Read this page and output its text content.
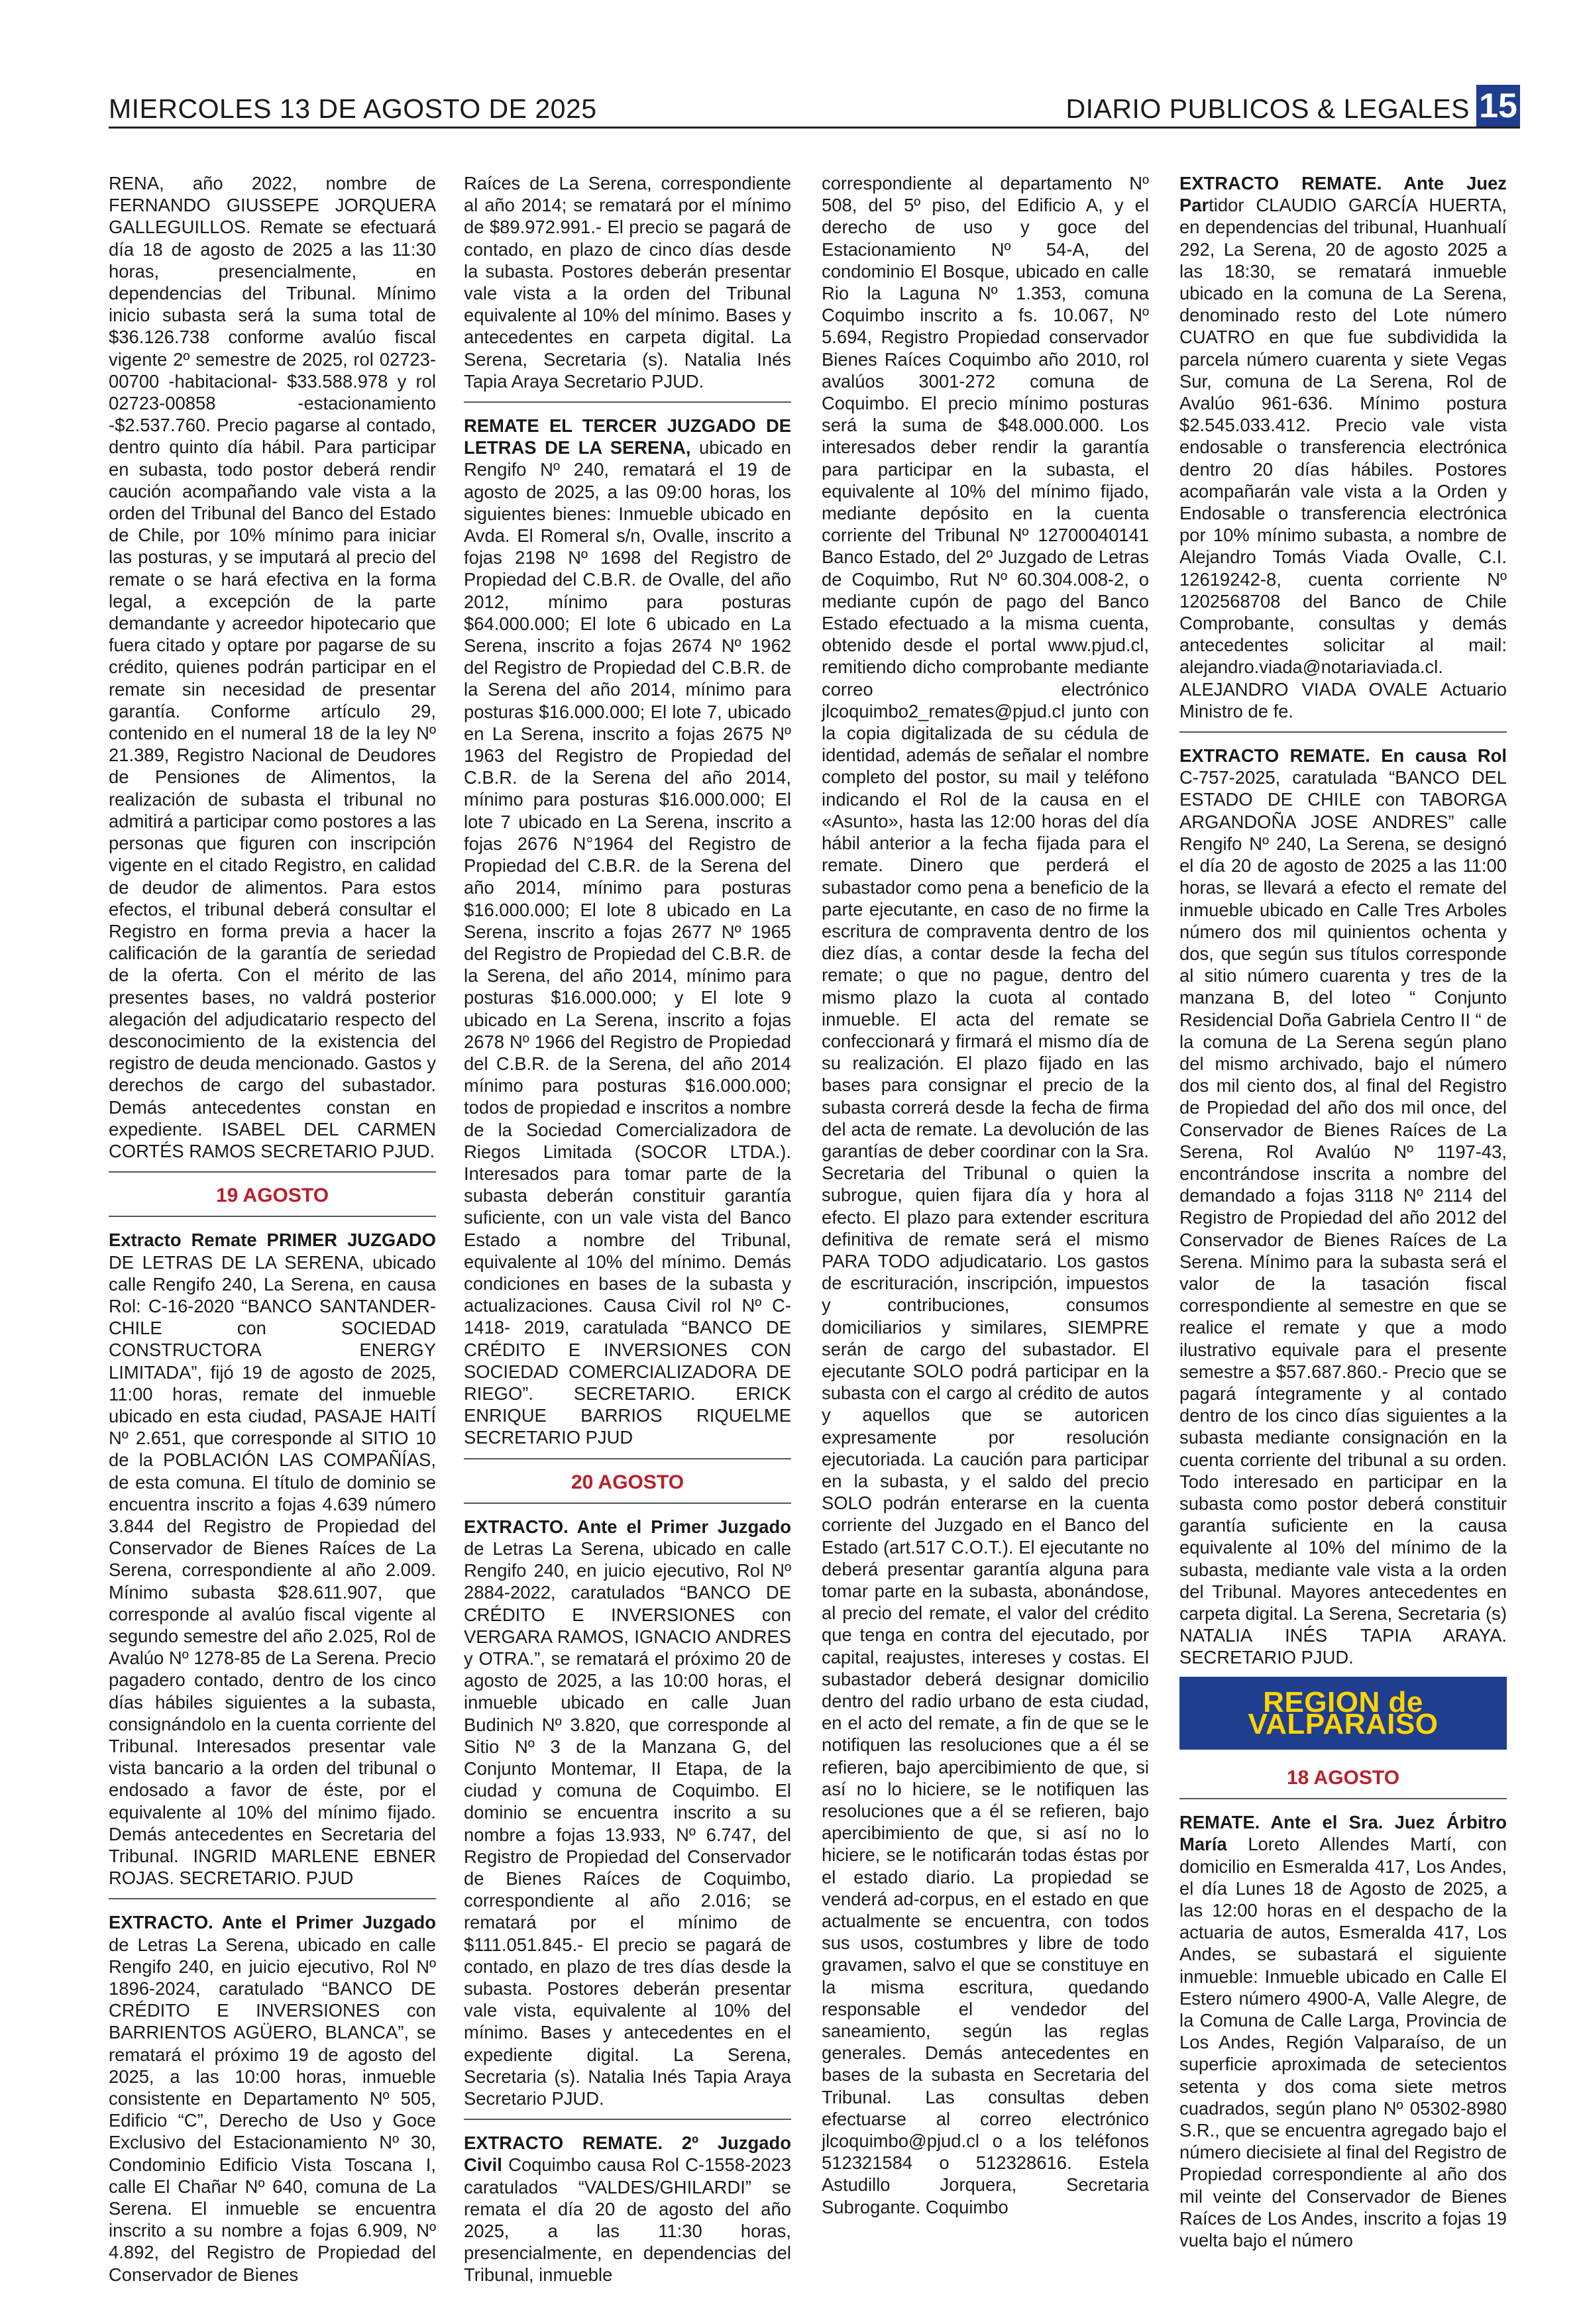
MIERCOLES 13 DE AGOSTO DE 2025	DIARIO PUBLICOS & LEGALES 15

RENA, año 2022, nombre de FERNANDO GIUSSEPE JORQUERA GALLEGUILLOS. Remate se efectuará día 18 de agosto de 2025 a las 11:30 horas, presencialmente, en dependencias del Tribunal. Mínimo inicio subasta será la suma total de $36.126.738 conforme avalúo fiscal vigente 2º semestre de 2025, rol 02723-00700 -habitacional- $33.588.978 y rol 02723-00858 -estacionamiento -$2.537.760. Precio pagarse al contado, dentro quinto día hábil. Para participar en subasta, todo postor deberá rendir caución acompañando vale vista a la orden del Tribunal del Banco del Estado de Chile, por 10% mínimo para iniciar las posturas, y se imputará al precio del remate o se hará efectiva en la forma legal, a excepción de la parte demandante y acreedor hipotecario que fuera citado y optare por pagarse de su crédito, quienes podrán participar en el remate sin necesidad de presentar garantía. Conforme artículo 29, contenido en el numeral 18 de la ley Nº 21.389, Registro Nacional de Deudores de Pensiones de Alimentos, la realización de subasta el tribunal no admitirá a participar como postores a las personas que figuren con inscripción vigente en el citado Registro, en calidad de deudor de alimentos. Para estos efectos, el tribunal deberá consultar el Registro en forma previa a hacer la calificación de la garantía de seriedad de la oferta. Con el mérito de las presentes bases, no valdrá posterior alegación del adjudicatario respecto del desconocimiento de la existencia del registro de deuda mencionado. Gastos y derechos de cargo del subastador. Demás antecedentes constan en expediente. ISABEL DEL CARMEN CORTÉS RAMOS SECRETARIO PJUD.

19 AGOSTO

Extracto Remate PRIMER JUZGADO DE LETRAS DE LA SERENA, ubicado calle Rengifo 240, La Serena, en causa Rol: C-16-2020 “BANCO SANTANDER-CHILE con SOCIEDAD CONSTRUCTORA ENERGY LIMITADA”, fijó 19 de agosto de 2025, 11:00 horas, remate del inmueble ubicado en esta ciudad, PASAJE HAITÍ Nº 2.651, que corresponde al SITIO 10 de la POBLACIÓN LAS COMPAÑÍAS, de esta comuna. El título de dominio se encuentra inscrito a fojas 4.639 número 3.844 del Registro de Propiedad del Conservador de Bienes Raíces de La Serena, correspondiente al año 2.009. Mínimo subasta $28.611.907, que corresponde al avalúo fiscal vigente al segundo semestre del año 2.025, Rol de Avalúo Nº 1278-85 de La Serena. Precio pagadero contado, dentro de los cinco días hábiles siguientes a la subasta, consignándolo en la cuenta corriente del Tribunal. Interesados presentar vale vista bancario a la orden del tribunal o endosado a favor de éste, por el equivalente al 10% del mínimo fijado. Demás antecedentes en Secretaria del Tribunal. INGRID MARLENE EBNER ROJAS. SECRETARIO. PJUD

EXTRACTO. Ante el Primer Juzgado de Letras La Serena, ubicado en calle Rengifo 240, en juicio ejecutivo, Rol Nº 1896-2024, caratulado “BANCO DE CRÉDITO E INVERSIONES con BARRIENTOS AGÜERO, BLANCA”, se rematará el próximo 19 de agosto del 2025, a las 10:00 horas, inmueble consistente en Departamento Nº 505, Edificio “C”, Derecho de Uso y Goce Exclusivo del Estacionamiento Nº 30, Condominio Edificio Vista Toscana I, calle El Chañar Nº 640, comuna de La Serena. El inmueble se encuentra inscrito a su nombre a fojas 6.909, Nº 4.892, del Registro de Propiedad del Conservador de Bienes

Raíces de La Serena, correspondiente al año 2014; se rematará por el mínimo de $89.972.991.- El precio se pagará de contado, en plazo de cinco días desde la subasta. Postores deberán presentar vale vista a la orden del Tribunal equivalente al 10% del mínimo. Bases y antecedentes en carpeta digital. La Serena, Secretaria (s). Natalia Inés Tapia Araya Secretario PJUD.

REMATE EL TERCER JUZGADO DE LETRAS DE LA SERENA, ubicado en Rengifo Nº 240, rematará el 19 de agosto de 2025, a las 09:00 horas, los siguientes bienes: Inmueble ubicado en Avda. El Romeral s/n, Ovalle, inscrito a fojas 2198 Nº 1698 del Registro de Propiedad del C.B.R. de Ovalle, del año 2012, mínimo para posturas $64.000.000; El lote 6 ubicado en La Serena, inscrito a fojas 2674 Nº 1962 del Registro de Propiedad del C.B.R. de la Serena del año 2014, mínimo para posturas $16.000.000; El lote 7, ubicado en La Serena, inscrito a fojas 2675 Nº 1963 del Registro de Propiedad del C.B.R. de la Serena del año 2014, mínimo para posturas $16.000.000; El lote 7 ubicado en La Serena, inscrito a fojas 2676 N°1964 del Registro de Propiedad del C.B.R. de la Serena del año 2014, mínimo para posturas $16.000.000; El lote 8 ubicado en La Serena, inscrito a fojas 2677 Nº 1965 del Registro de Propiedad del C.B.R. de la Serena, del año 2014, mínimo para posturas $16.000.000; y El lote 9 ubicado en La Serena, inscrito a fojas 2678 Nº 1966 del Registro de Propiedad del C.B.R. de la Serena, del año 2014 mínimo para posturas $16.000.000; todos de propiedad e inscritos a nombre de la Sociedad Comercializadora de Riegos Limitada (SOCOR LTDA.). Interesados para tomar parte de la subasta deberán constituir garantía suficiente, con un vale vista del Banco Estado a nombre del Tribunal, equivalente al 10% del mínimo. Demás condiciones en bases de la subasta y actualizaciones. Causa Civil rol Nº C-1418- 2019, caratulada “BANCO DE CRÉDITO E INVERSIONES CON SOCIEDAD COMERCIALIZADORA DE RIEGO”. SECRETARIO. ERICK ENRIQUE BARRIOS RIQUELME SECRETARIO PJUD

20 AGOSTO

EXTRACTO. Ante el Primer Juzgado de Letras La Serena, ubicado en calle Rengifo 240, en juicio ejecutivo, Rol Nº 2884-2022, caratulados “BANCO DE CRÉDITO E INVERSIONES con VERGARA RAMOS, IGNACIO ANDRES y OTRA.”, se rematará el próximo 20 de agosto de 2025, a las 10:00 horas, el inmueble ubicado en calle Juan Budinich Nº 3.820, que corresponde al Sitio Nº 3 de la Manzana G, del Conjunto Montemar, II Etapa, de la ciudad y comuna de Coquimbo. El dominio se encuentra inscrito a su nombre a fojas 13.933, Nº 6.747, del Registro de Propiedad del Conservador de Bienes Raíces de Coquimbo, correspondiente al año 2.016; se rematará por el mínimo de $111.051.845.- El precio se pagará de contado, en plazo de tres días desde la subasta. Postores deberán presentar vale vista, equivalente al 10% del mínimo. Bases y antecedentes en el expediente digital. La Serena, Secretaria (s). Natalia Inés Tapia Araya Secretario PJUD.

EXTRACTO REMATE. 2º Juzgado Civil Coquimbo causa Rol C-1558-2023 caratulados “VALDES/GHILARDI” se remata el día 20 de agosto del año 2025, a las 11:30 horas, presencialmente, en dependencias del Tribunal, inmueble

correspondiente al departamento Nº 508, del 5º piso, del Edificio A, y el derecho de uso y goce del Estacionamiento Nº 54-A, del condominio El Bosque, ubicado en calle Rio la Laguna Nº 1.353, comuna Coquimbo inscrito a fs. 10.067, Nº 5.694, Registro Propiedad conservador Bienes Raíces Coquimbo año 2010, rol avalúos 3001-272 comuna de Coquimbo. El precio mínimo posturas será la suma de $48.000.000. Los interesados deber rendir la garantía para participar en la subasta, el equivalente al 10% del mínimo fijado, mediante depósito en la cuenta corriente del Tribunal Nº 12700040141 Banco Estado, del 2º Juzgado de Letras de Coquimbo, Rut Nº 60.304.008-2, o mediante cupón de pago del Banco Estado efectuado a la misma cuenta, obtenido desde el portal www.pjud.cl, remitiendo dicho comprobante mediante correo electrónico jlcoquimbo2_remates@pjud.cl junto con la copia digitalizada de su cédula de identidad, además de señalar el nombre completo del postor, su mail y teléfono indicando el Rol de la causa en el «Asunto», hasta las 12:00 horas del día hábil anterior a la fecha fijada para el remate. Dinero que perderá el subastador como pena a beneficio de la parte ejecutante, en caso de no firme la escritura de compraventa dentro de los diez días, a contar desde la fecha del remate; o que no pague, dentro del mismo plazo la cuota al contado inmueble. El acta del remate se confeccionará y firmará el mismo día de su realización. El plazo fijado en las bases para consignar el precio de la subasta correrá desde la fecha de firma del acta de remate. La devolución de las garantías de deber coordinar con la Sra. Secretaria del Tribunal o quien la subrogue, quien fijara día y hora al efecto. El plazo para extender escritura definitiva de remate será el mismo PARA TODO adjudicatario. Los gastos de escrituración, inscripción, impuestos y contribuciones, consumos domiciliarios y similares, SIEMPRE serán de cargo del subastador. El ejecutante SOLO podrá participar en la subasta con el cargo al crédito de autos y aquellos que se autoricen expresamente por resolución ejecutoriada. La caución para participar en la subasta, y el saldo del precio SOLO podrán enterarse en la cuenta corriente del Juzgado en el Banco del Estado (art.517 C.O.T.). El ejecutante no deberá presentar garantía alguna para tomar parte en la subasta, abonándose, al precio del remate, el valor del crédito que tenga en contra del ejecutado, por capital, reajustes, intereses y costas. El subastador deberá designar domicilio dentro del radio urbano de esta ciudad, en el acto del remate, a fin de que se le notifiquen las resoluciones que a él se refieren, bajo apercibimiento de que, si así no lo hiciere, se le notifiquen las resoluciones que a él se refieren, bajo apercibimiento de que, si así no lo hiciere, se le notificarán todas éstas por el estado diario. La propiedad se venderá ad-corpus, en el estado en que actualmente se encuentra, con todos sus usos, costumbres y libre de todo gravamen, salvo el que se constituye en la misma escritura, quedando responsable el vendedor del saneamiento, según las reglas generales. Demás antecedentes en bases de la subasta en Secretaria del Tribunal. Las consultas deben efectuarse al correo electrónico jlcoquimbo@pjud.cl o a los teléfonos 512321584 o 512328616. Estela Astudillo Jorquera, Secretaria Subrogante. Coquimbo

EXTRACTO REMATE. Ante Juez Partidor CLAUDIO GARCÍA HUERTA, en dependencias del tribunal, Huanhualí 292, La Serena, 20 de agosto 2025 a las 18:30, se rematará inmueble ubicado en la comuna de La Serena, denominado resto del Lote número CUATRO en que fue subdividida la parcela número cuarenta y siete Vegas Sur, comuna de La Serena, Rol de Avalúo 961-636. Mínimo postura $2.545.033.412. Precio vale vista endosable o transferencia electrónica dentro 20 días hábiles. Postores acompañarán vale vista a la Orden y Endosable o transferencia electrónica por 10% mínimo subasta, a nombre de Alejandro Tomás Viada Ovalle, C.I. 12619242-8, cuenta corriente Nº 1202568708 del Banco de Chile Comprobante, consultas y demás antecedentes solicitar al mail: alejandro.viada@notariaviada.cl. ALEJANDRO VIADA OVALE Actuario Ministro de fe.

EXTRACTO REMATE. En causa Rol C-757-2025, caratulada “BANCO DEL ESTADO DE CHILE con TABORGA ARGANDOÑA JOSE ANDRES” calle Rengifo Nº 240, La Serena, se designó el día 20 de agosto de 2025 a las 11:00 horas, se llevará a efecto el remate del inmueble ubicado en Calle Tres Arboles número dos mil quinientos ochenta y dos, que según sus títulos corresponde al sitio número cuarenta y tres de la manzana B, del loteo “ Conjunto Residencial Doña Gabriela Centro II “ de la comuna de La Serena según plano del mismo archivado, bajo el número dos mil ciento dos, al final del Registro de Propiedad del año dos mil once, del Conservador de Bienes Raíces de La Serena, Rol Avalúo Nº 1197-43, encontrándose inscrita a nombre del demandado a fojas 3118 Nº 2114 del Registro de Propiedad del año 2012 del Conservador de Bienes Raíces de La Serena. Mínimo para la subasta será el valor de la tasación fiscal correspondiente al semestre en que se realice el remate y que a modo ilustrativo equivale para el presente semestre a $57.687.860.- Precio que se pagará íntegramente y al contado dentro de los cinco días siguientes a la subasta mediante consignación en la cuenta corriente del tribunal a su orden. Todo interesado en participar en la subasta como postor deberá constituir garantía suficiente en la causa equivalente al 10% del mínimo de la subasta, mediante vale vista a la orden del Tribunal. Mayores antecedentes en carpeta digital. La Serena, Secretaria (s) NATALIA INÉS TAPIA ARAYA. SECRETARIO PJUD.

REGION de VALPARAISO
18 AGOSTO

REMATE. Ante el Sra. Juez Árbitro María Loreto Allendes Martí, con domicilio en Esmeralda 417, Los Andes, el día Lunes 18 de Agosto de 2025, a las 12:00 horas en el despacho de la actuaria de autos, Esmeralda 417, Los Andes, se subastará el siguiente inmueble: Inmueble ubicado en Calle El Estero número 4900-A, Valle Alegre, de la Comuna de Calle Larga, Provincia de Los Andes, Región Valparaíso, de un superficie aproximada de setecientos setenta y dos coma siete metros cuadrados, según plano Nº 05302-8980 S.R., que se encuentra agregado bajo el número diecisiete al final del Registro de Propiedad correspondiente al año dos mil veinte del Conservador de Bienes Raíces de Los Andes, inscrito a fojas 19 vuelta bajo el número
